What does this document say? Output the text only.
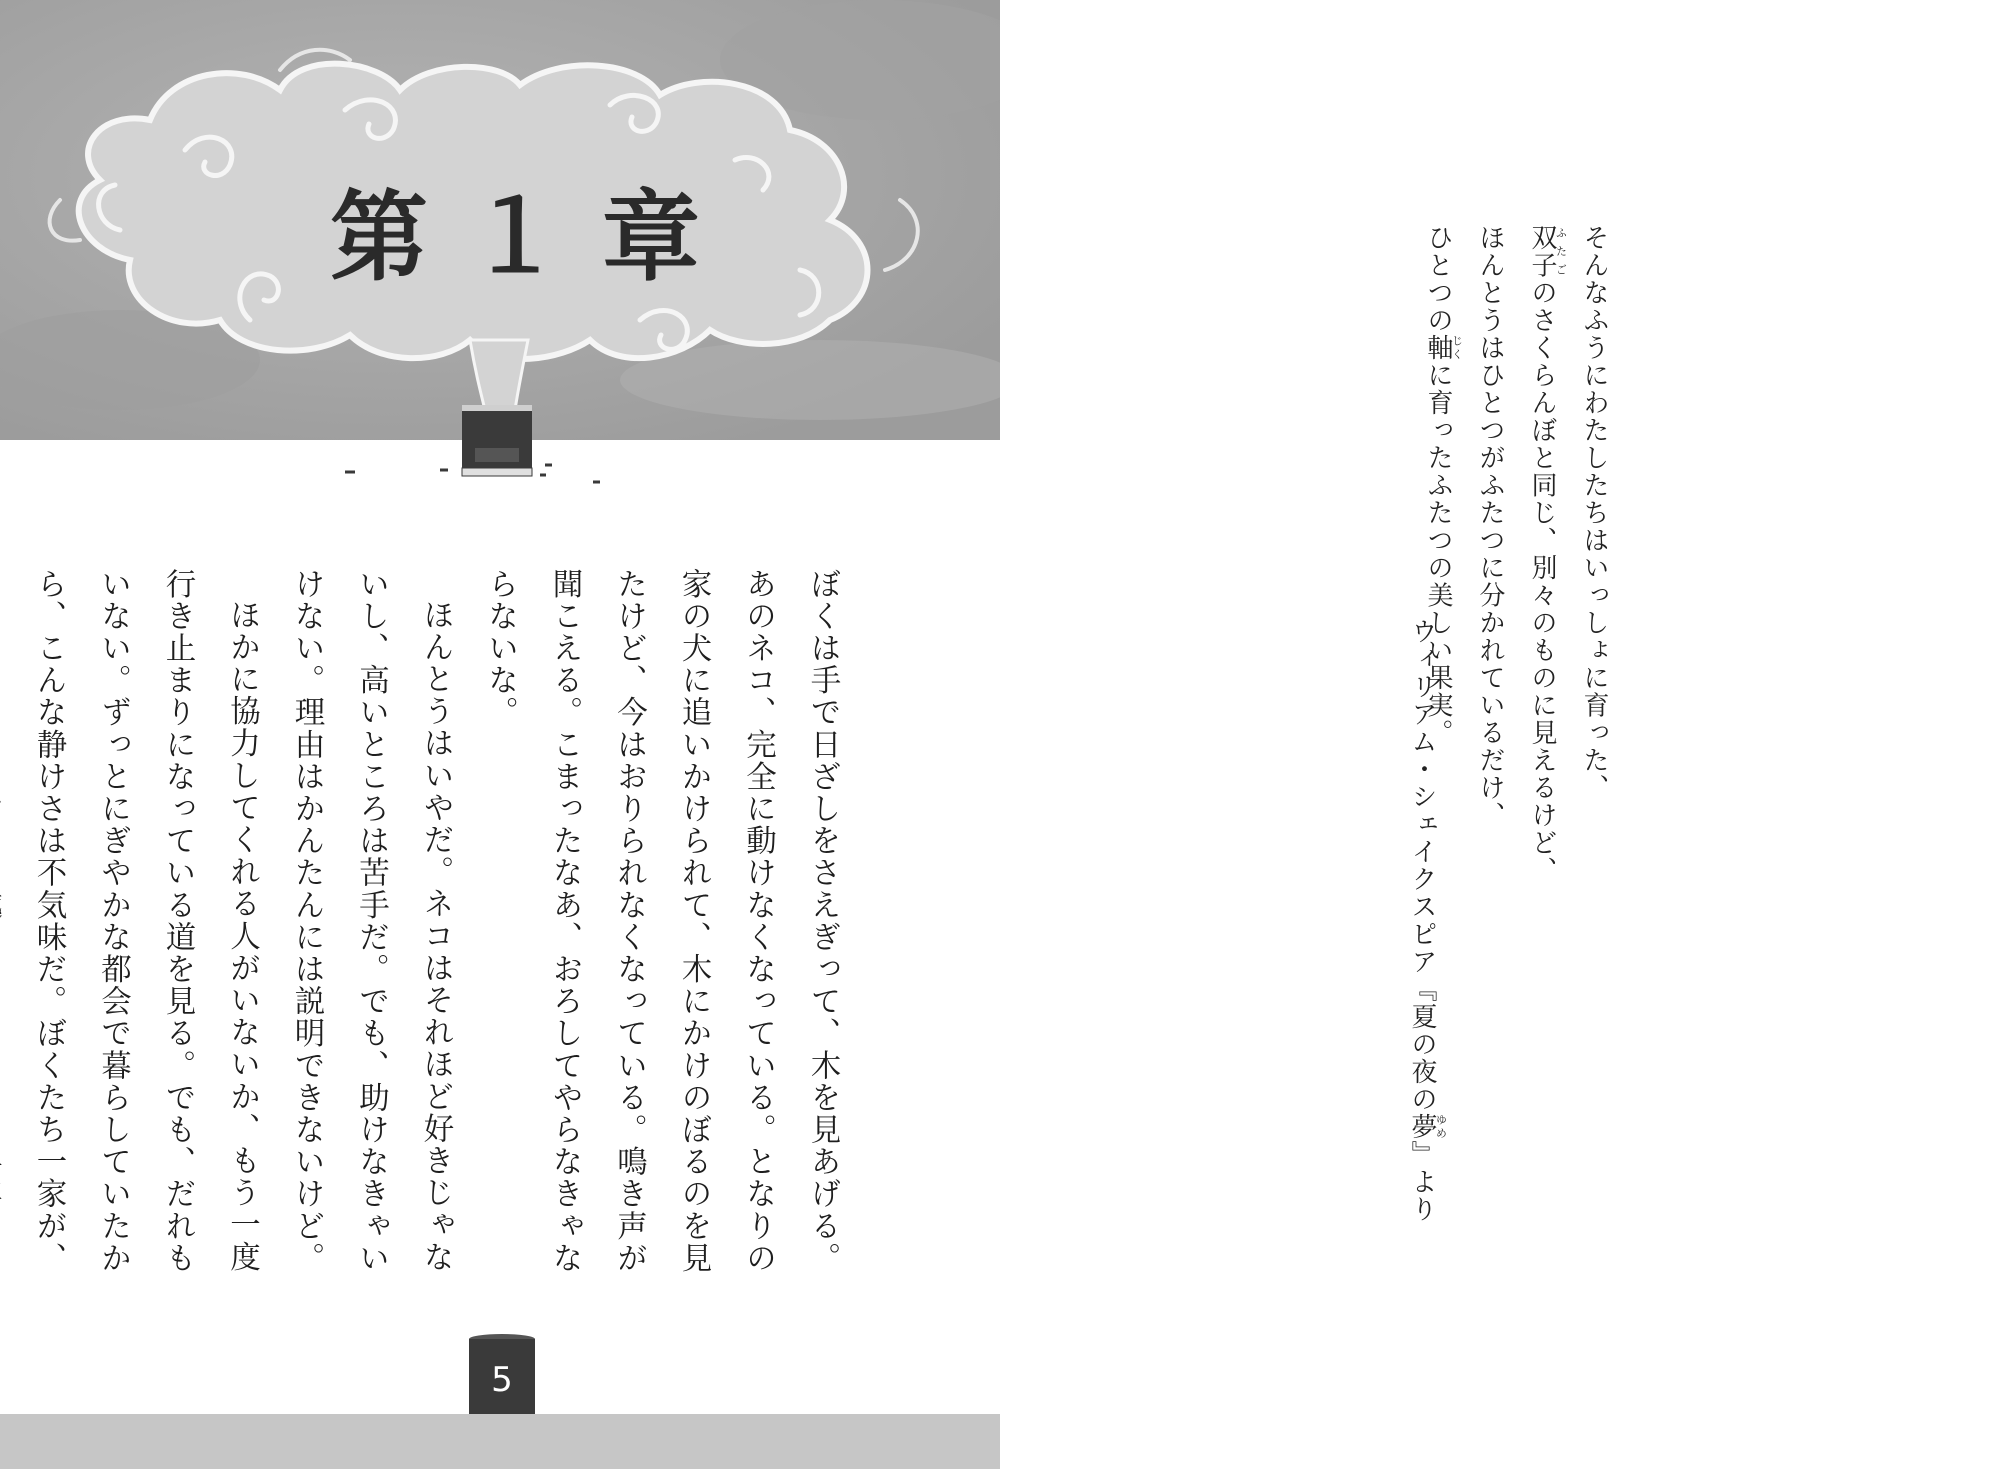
第１章

ぼくは手で日ざしをさえぎって、木を見あげる。あのネコ、完全に動けなくなっている。となりの家の犬に追いかけられて、木にかけのぼるのを見たけど、今はおりられなくなっている。鳴き声が聞こえる。こまったなあ、おろしてやらなきゃならないな。

ほんとうはいやだ。ネコはそれほど好きじゃないし、高いところは苦手だ。でも、助けなきゃいけない。理由はかんたんには説明できないけど。

ほかに協力してくれる人がいないか、もう一度行き止まりになっている道を見る。でも、だれもいない。ずっとにぎやかな都会で暮らしていたから、こんな静けさは不気味だ。ぼくたち一家が、

5
そんなふうにわたしたちはいっしょに育った、
双子ふたごのさくらんぼと同じ、別々のものに見えるけど、
ほんとうはひとつがふたつに分かれているだけ、
ひとつの軸じくに育ったふたつの美しい果実。
ウィリアム・シェイクスピア『夏の夜の夢ゆめ』より
